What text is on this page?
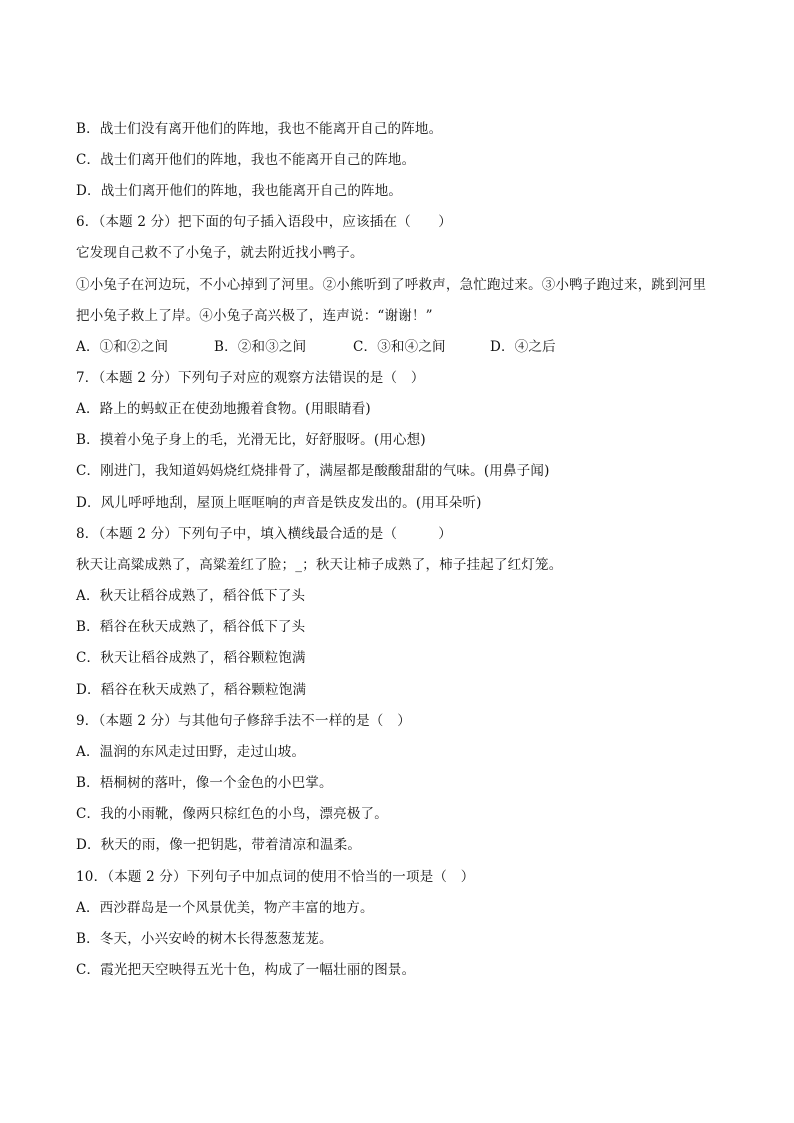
B．战士们没有离开他们的阵地，我也不能离开自己的阵地。
C．战士们离开他们的阵地，我也不能离开自己的阵地。
D．战士们离开他们的阵地，我也能离开自己的阵地。
6．（本题 2 分）把下面的句子插入语段中，应该插在（　　）
它发现自己救不了小兔子，就去附近找小鸭子。
①小兔子在河边玩，不小心掉到了河里。②小熊听到了呼救声，急忙跑过来。③小鸭子跑过来，跳到河里
把小兔子救上了岸。④小兔子高兴极了，连声说：“谢谢！”
A．①和②之间	B．②和③之间	C．③和④之间	D．④之后
7．（本题 2 分）下列句子对应的观察方法错误的是（　）
A．路上的蚂蚁正在使劲地搬着食物。(用眼睛看)
B．摸着小兔子身上的毛，光滑无比，好舒服呀。(用心想)
C．刚进门，我知道妈妈烧红烧排骨了，满屋都是酸酸甜甜的气味。(用鼻子闻)
D．风儿呼呼地刮，屋顶上哐哐响的声音是铁皮发出的。(用耳朵听)
8．（本题 2 分）下列句子中，填入横线最合适的是（　　　）
秋天让高粱成熟了，高粱羞红了脸；_；秋天让柿子成熟了，柿子挂起了红灯笼。
A．秋天让稻谷成熟了，稻谷低下了头
B．稻谷在秋天成熟了，稻谷低下了头
C．秋天让稻谷成熟了，稻谷颗粒饱满
D．稻谷在秋天成熟了，稻谷颗粒饱满
9．（本题 2 分）与其他句子修辞手法不一样的是（　）
A．温润的东风走过田野，走过山坡。
B．梧桐树的落叶，像一个金色的小巴掌。
C．我的小雨靴，像两只棕红色的小鸟，漂亮极了。
D．秋天的雨，像一把钥匙，带着清凉和温柔。
10．（本题 2 分）下列句子中加点词的使用不恰当的一项是（　）
A．西沙群岛是一个风景优美，物产丰富的地方。
B．冬天，小兴安岭的树木长得葱葱茏茏。
C．霞光把天空映得五光十色，构成了一幅壮丽的图景。
